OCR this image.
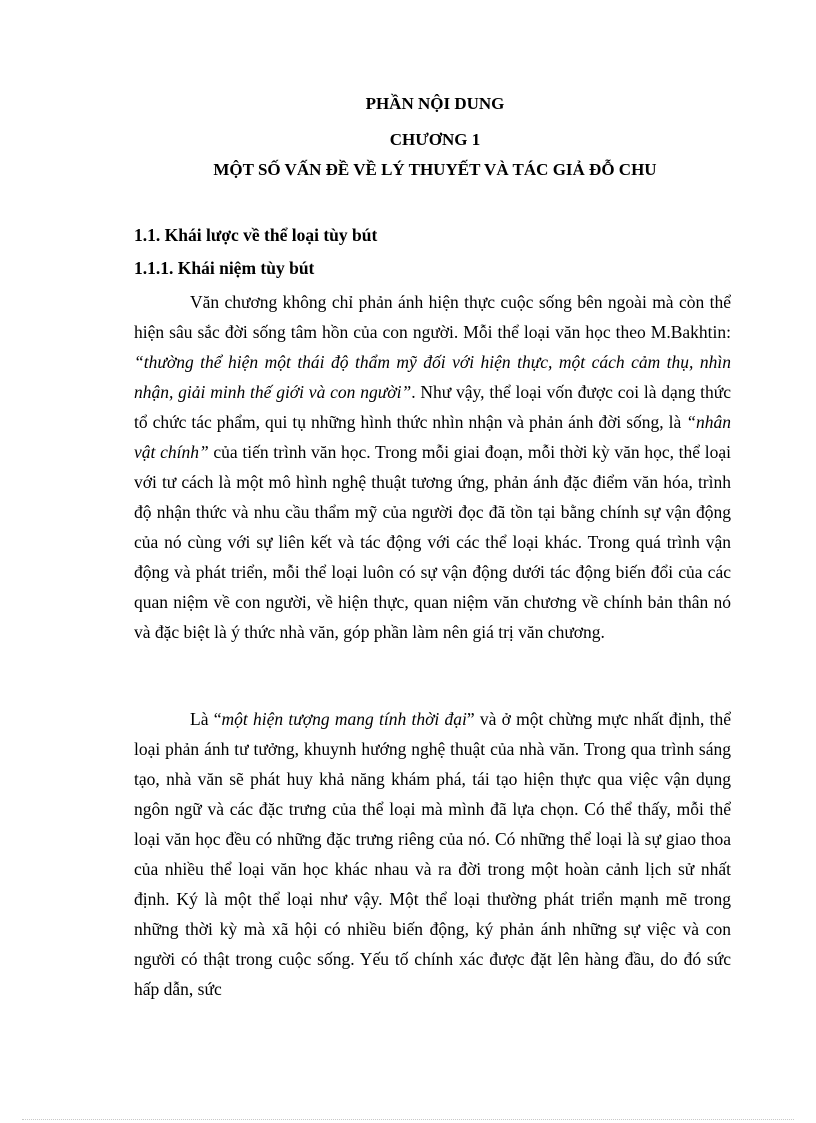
PHẦN NỘI DUNG
CHƯƠNG 1
MỘT SỐ VẤN ĐỀ VỀ LÝ THUYẾT VÀ TÁC GIẢ ĐỖ CHU
1.1. Khái lược về thể loại tùy bút
1.1.1. Khái niệm tùy bút

Văn chương không chỉ phản ánh hiện thực cuộc sống bên ngoài mà còn thể hiện sâu sắc đời sống tâm hồn của con người. Mỗi thể loại văn học theo M.Bakhtin: “thường thể hiện một thái độ thẩm mỹ đối với hiện thực, một cách cảm thụ, nhìn nhận, giải minh thế giới và con người”. Như vậy, thể loại vốn được coi là dạng thức tổ chức tác phẩm, qui tụ những hình thức nhìn nhận và phản ánh đời sống, là “nhân vật chính” của tiến trình văn học. Trong mỗi giai đoạn, mỗi thời kỳ văn học, thể loại với tư cách là một mô hình nghệ thuật tương ứng, phản ánh đặc điểm văn hóa, trình độ nhận thức và nhu cầu thẩm mỹ của người đọc đã tồn tại bằng chính sự vận động của nó cùng với sự liên kết và tác động với các thể loại khác. Trong quá trình vận động và phát triển, mỗi thể loại luôn có sự vận động dưới tác động biến đổi của các quan niệm về con người, về hiện thực, quan niệm văn chương về chính bản thân nó và đặc biệt là ý thức nhà văn, góp phần làm nên giá trị văn chương.

Là “một hiện tượng mang tính thời đại” và ở một chừng mực nhất định, thể loại phản ánh tư tưởng, khuynh hướng nghệ thuật của nhà văn. Trong qua trình sáng tạo, nhà văn sẽ phát huy khả năng khám phá, tái tạo hiện thực qua việc vận dụng ngôn ngữ và các đặc trưng của thể loại mà mình đã lựa chọn. Có thể thấy, mỗi thể loại văn học đều có những đặc trưng riêng của nó. Có những thể loại là sự giao thoa của nhiều thể loại văn học khác nhau và ra đời trong một hoàn cảnh lịch sử nhất định. Ký là một thể loại như vậy. Một thể loại thường phát triển mạnh mẽ trong những thời kỳ mà xã hội có nhiều biến động, ký phản ánh những sự việc và con người có thật trong cuộc sống. Yếu tố chính xác được đặt lên hàng đầu, do đó sức hấp dẫn, sức
